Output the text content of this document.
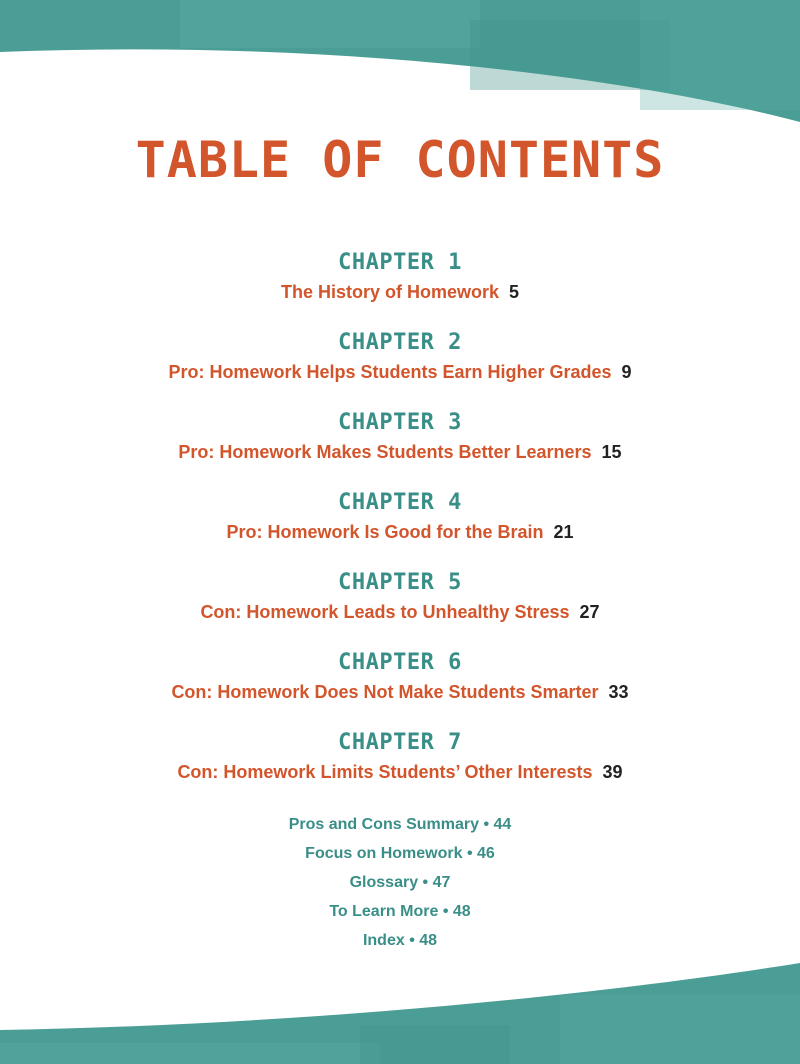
TABLE OF CONTENTS
CHAPTER 1
The History of Homework 5
CHAPTER 2
Pro: Homework Helps Students Earn Higher Grades 9
CHAPTER 3
Pro: Homework Makes Students Better Learners 15
CHAPTER 4
Pro: Homework Is Good for the Brain 21
CHAPTER 5
Con: Homework Leads to Unhealthy Stress 27
CHAPTER 6
Con: Homework Does Not Make Students Smarter 33
CHAPTER 7
Con: Homework Limits Students’ Other Interests 39
Pros and Cons Summary • 44
Focus on Homework • 46
Glossary • 47
To Learn More • 48
Index • 48
